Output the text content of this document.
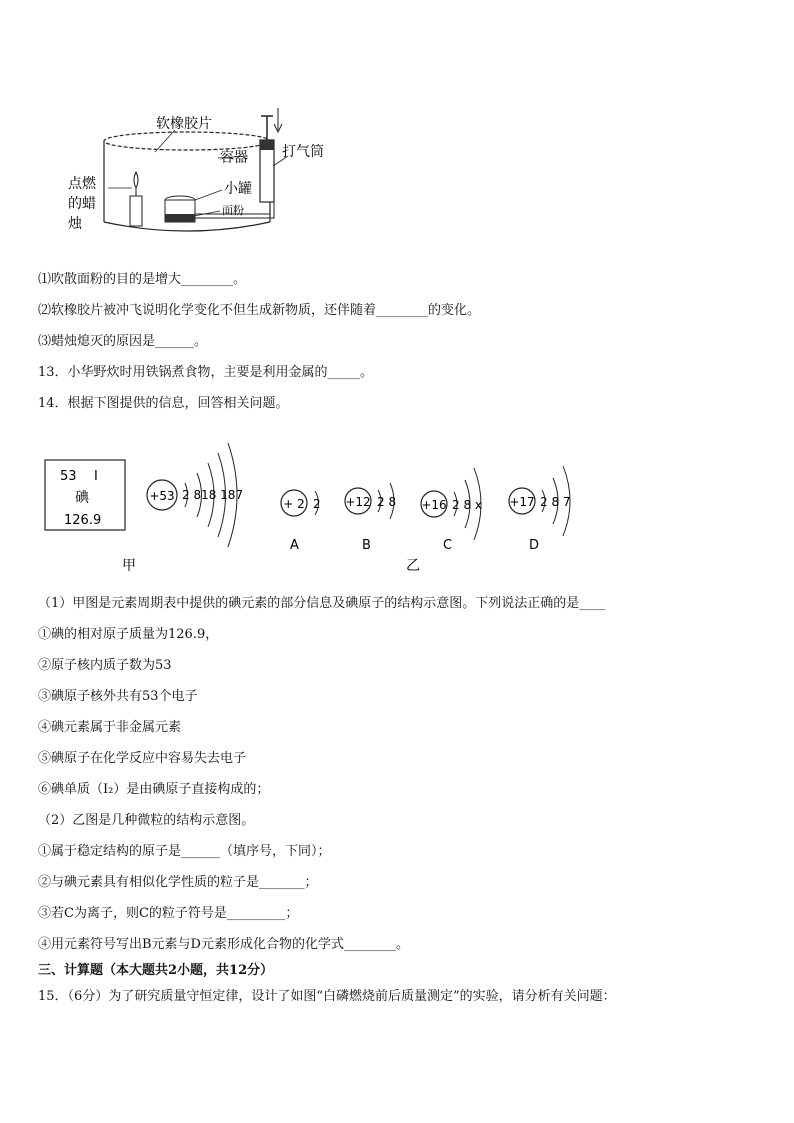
软橡胶片
容器 打气筒
小罐
面粉
点燃
的蜡
烛
⑴吹散面粉的目的是增大________。
⑵软橡胶片被冲飞说明化学变化不但生成新物质，还伴随着________的变化。
⑶蜡烛熄灭的原因是______。
13．小华野炊时用铁锅煮食物，主要是利用金属的_____。
14．根据下图提供的信息，回答相关问题。
53 I
碘
126.9
+53 2 818 187
甲
+ 2 2
A
+12 2 8
B
+16 2 8 x
C
+17 2 8 7
D
乙
（1）甲图是元素周期表中提供的碘元素的部分信息及碘原子的结构示意图。下列说法正确的是____
①碘的相对原子质量为126.9，
②原子核内质子数为53
③碘原子核外共有53个电子
④碘元素属于非金属元素
⑤碘原子在化学反应中容易失去电子
⑥碘单质（I₂）是由碘原子直接构成的；
（2）乙图是几种微粒的结构示意图。
①属于稳定结构的原子是______（填序号，下同）；
②与碘元素具有相似化学性质的粒子是_______；
③若C为离子，则C的粒子符号是_________；
④用元素符号写出B元素与D元素形成化合物的化学式________。
三、计算题（本大题共2小题，共12分）
15．（6分）为了研究质量守恒定律，设计了如图“白磷燃烧前后质量测定”的实验，请分析有关问题：
